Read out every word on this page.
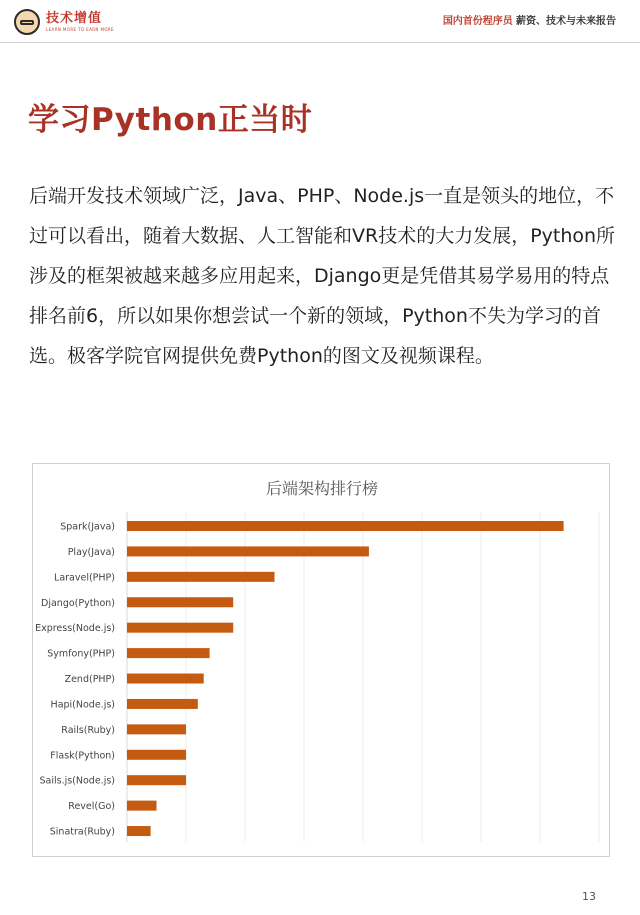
技术增值
LEARN MORE TO EARN MORE
国内首份程序员 薪资、技术与未来报告
学习Python正当时
后端开发技术领域广泛，Java、PHP、Node.js一直是领头的地位，不过可以看出，随着大数据、人工智能和VR技术的大力发展，Python所涉及的框架被越来越多应用起来，Django更是凭借其易学易用的特点排名前6，所以如果你想尝试一个新的领域，Python不失为学习的首选。极客学院官网提供免费Python的图文及视频课程。
后端架构排行榜
Spark(Java)
Play(Java)
Laravel(PHP)
Django(Python)
Express(Node.js)
Symfony(PHP)
Zend(PHP)
Hapi(Node.js)
Rails(Ruby)
Flask(Python)
Sails.js(Node.js)
Revel(Go)
Sinatra(Ruby)
13
